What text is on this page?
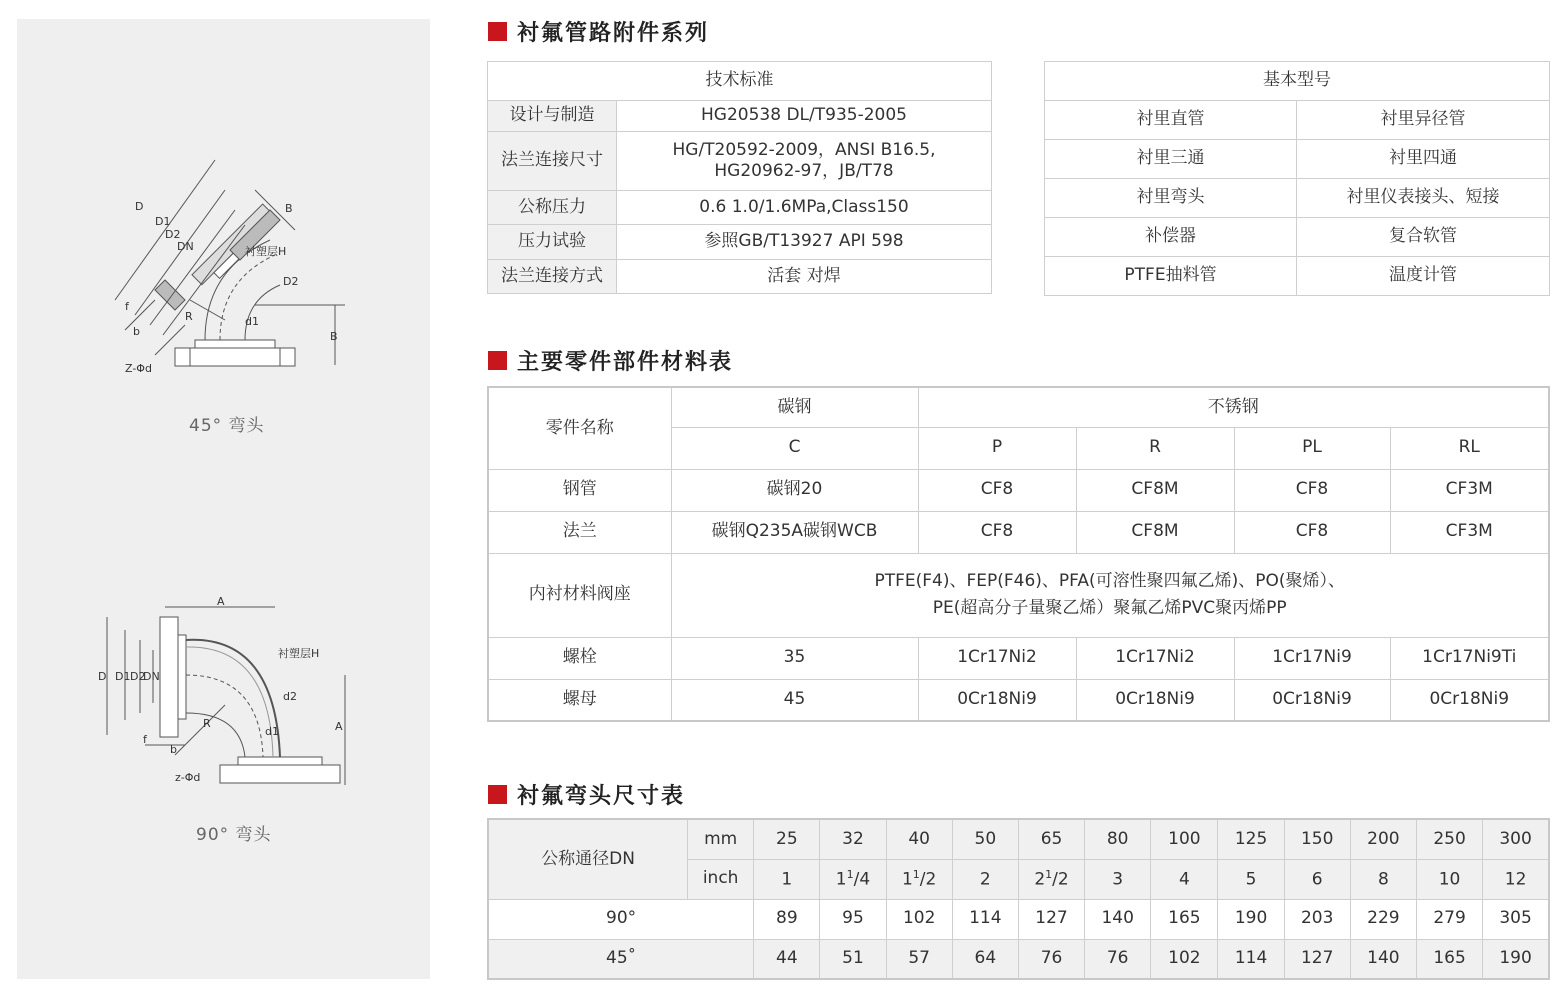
D
D1
D2
DN
B
衬塑层H
D2
R	d1
f
b
Z-Φd
B
45° 弯头
A
D D1 D2
DN
衬塑层H
d2
R
d1
f
b
z-Φd
A
90° 弯头
衬氟管路附件系列
技术标准	
设计与制造	HG20538 DL/T935-2005
法兰连接尺寸	HG/T20592-2009，ANSI B16.5,
HG20962-97，JB/T78

公称压力	0.6 1.0/1.6MPa,Class150
压力试验	参照GB/T13927 API 598
法兰连接方式	活套 对焊
基本型号	
衬里直管	衬里异径管
衬里三通	衬里四通
衬里弯头	衬里仪表接头、短接
补偿器	复合软管
PTFE抽料管	温度计管
主要零件部件材料表
零件名称	碳钢	不锈钢			
	C	P	R	PL	RL
钢管	碳钢20	CF8	CF8M	CF8	CF3M
法兰	碳钢Q235A碳钢WCB	CF8	CF8M	CF8	CF3M
内衬材料阀座	PTFE(F4)、FEP(F46)、PFA(可溶性聚四氟乙烯)、PO(聚烯）、
PE(超高分子量聚乙烯）聚氟乙烯PVC聚丙烯PP				

螺栓	35	1Cr17Ni2	1Cr17Ni2	1Cr17Ni9	1Cr17Ni9Ti
螺母	45	0Cr18Ni9	0Cr18Ni9	0Cr18Ni9	0Cr18Ni9
衬氟弯头尺寸表
公称通径DN	mm	25	32	40	50	65	80	100	125	150	200	250	300
	inch	1	$1^1/4$	$1^1/2$	2	$2^1/2$	3	4	5	6	8	10	12
90°		89	95	102	114	127	140	165	190	203	229	279	305
45˚		44	51	57	64	76	76	102	114	127	140	165	190
